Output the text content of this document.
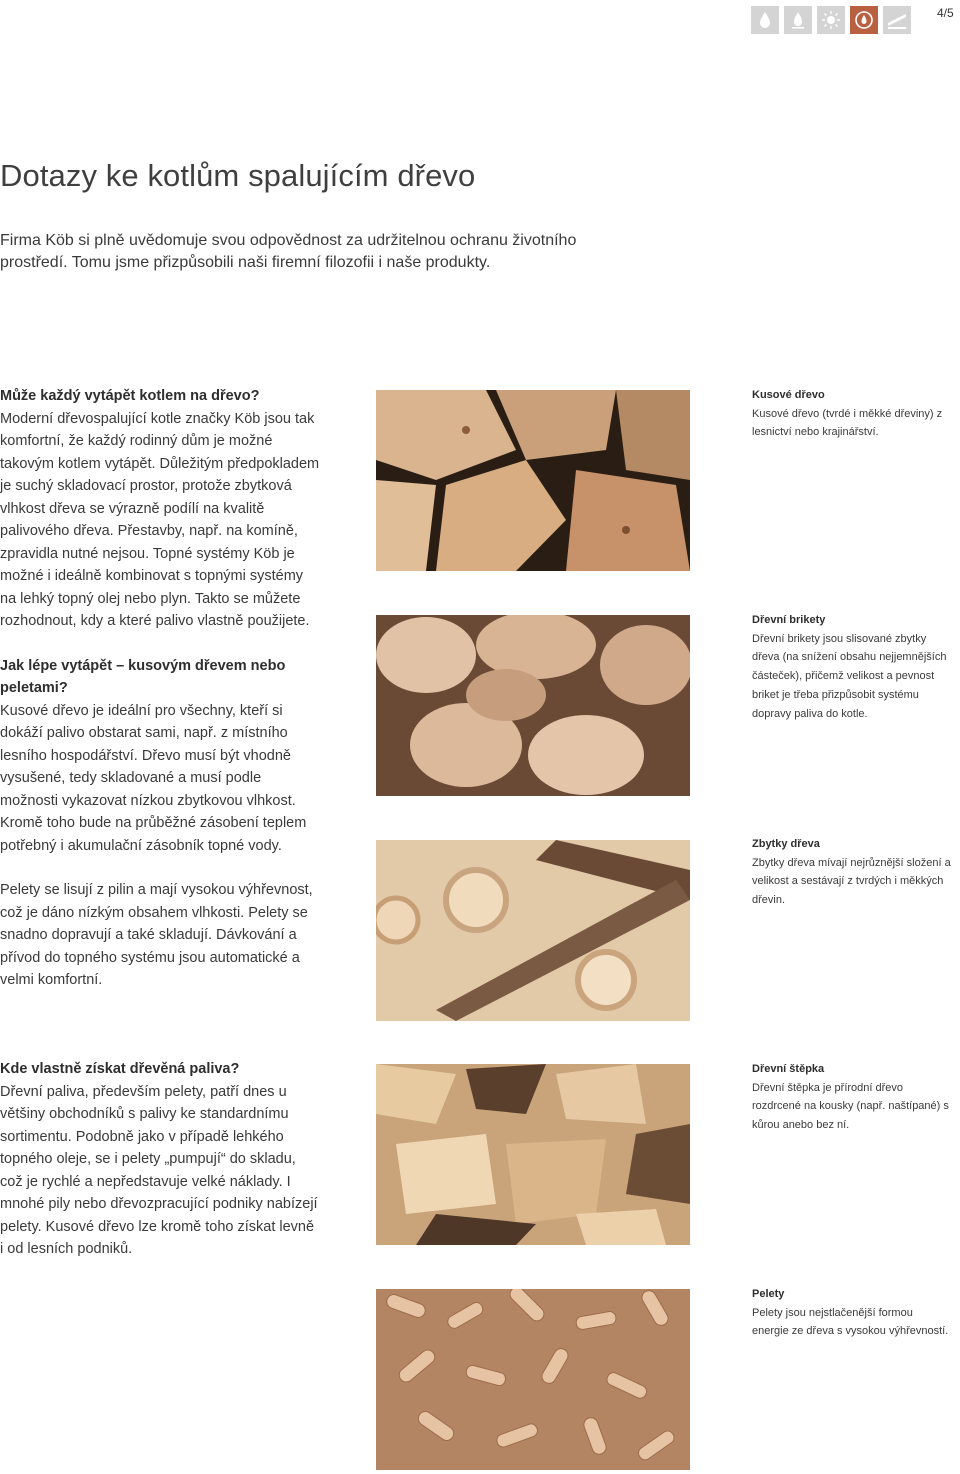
4/5
Dotazy ke kotlům spalujícím dřevo

Firma Köb si plně uvědomuje svou odpovědnost za udržitelnou ochranu životního prostředí. Tomu jsme přizpůsobili naši firemní filozofii i naše produkty.

Může každý vytápět kotlem na dřevo?

Moderní dřevospalující kotle značky Köb jsou tak komfortní, že každý rodinný dům je možné takovým kotlem vytápět. Důležitým předpokladem je suchý skladovací prostor, protože zbytková vlhkost dřeva se výrazně podílí na kvalitě palivového dřeva. Přestavby, např. na komíně, zpravidla nutné nejsou. Topné systémy Köb je možné i ideálně kombinovat s topnými systémy na lehký topný olej nebo plyn. Takto se můžete rozhodnout, kdy a které palivo vlastně použijete.

Jak lépe vytápět – kusovým dřevem nebo peletami?

Kusové dřevo je ideální pro všechny, kteří si dokáží palivo obstarat sami, např. z místního lesního hospodářství. Dřevo musí být vhodně vysušené, tedy skladované a musí podle možnosti vykazovat nízkou zbytkovou vlhkost. Kromě toho bude na průběžné zásobení teplem potřebný i akumulační zásobník topné vody.

Pelety se lisují z pilin a mají vysokou výhřevnost, což je dáno nízkým obsahem vlhkosti. Pelety se snadno dopravují a také skladují. Dávkování a přívod do topného systému jsou automatické a velmi komfortní.

Kde vlastně získat dřevěná paliva?

Dřevní paliva, především pelety, patří dnes u většiny obchodníků s palivy ke standardnímu sortimentu. Podobně jako v případě lehkého topného oleje, se i pelety „pumpují“ do skladu, což je rychlé a nepředstavuje velké náklady. I mnohé pily nebo dřevozpracující podniky nabízejí pelety. Kusové dřevo lze kromě toho získat levně i od lesních podniků.

Kusové dřevo
Kusové dřevo (tvrdé i měkké dřeviny) z lesnictví nebo krajinářství.
Dřevní brikety
Dřevní brikety jsou slisované zbytky dřeva (na snížení obsahu nejjemnějších částeček), přičemž velikost a pevnost briket je třeba přizpůsobit systému dopravy paliva do kotle.
Zbytky dřeva
Zbytky dřeva mívají nejrůznější složení a velikost a sestávají z tvrdých i měkkých dřevin.
Dřevní štěpka
Dřevní štěpka je přírodní dřevo rozdrcené na kousky (např. naštípané) s kůrou anebo bez ní.
Pelety
Pelety jsou nejstlačenější formou energie ze dřeva s vysokou výhřevností.
